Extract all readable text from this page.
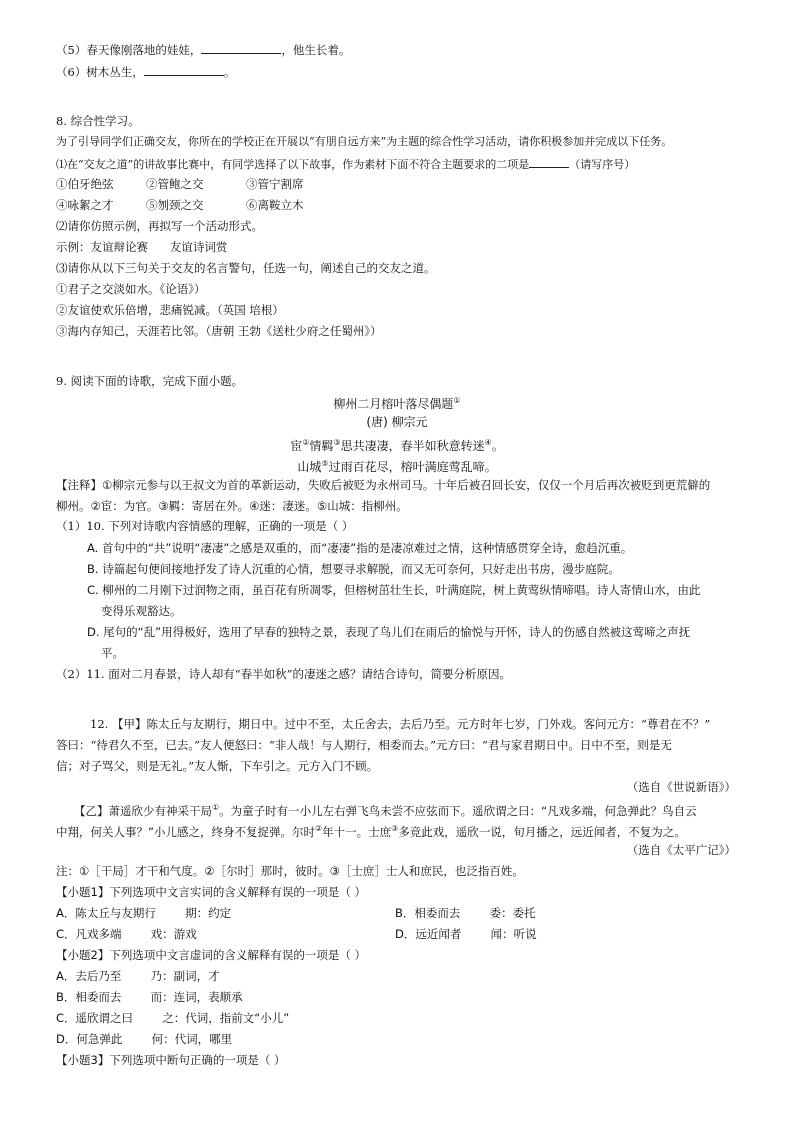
（5）春天像刚落地的娃娃，	，他生长着。
（6）树木丛生，	。
8. 综合性学习。
为了引导同学们正确交友，你所在的学校正在开展以“有朋自远方来”为主题的综合性学习活动，请你积极参加并完成以下任务。
⑴在“交友之道”的讲故事比赛中，有同学选择了以下故事，作为素材下面不符合主题要求的二项是	（请写序号）
①伯牙绝弦	②管鲍之交	③管宁割席
④咏絮之才	⑤刎颈之交	⑥离鞍立木
⑵请你仿照示例，再拟写一个活动形式。
示例：友谊辩论赛      友谊诗词赏
⑶请你从以下三句关于交友的名言警句，任选一句，阐述自己的交友之道。
①君子之交淡如水。《论语》）
②友谊使欢乐倍增，悲痛锐减。（英国 培根）
③海内存知己，天涯若比邻。（唐朝 王勃《送杜少府之任蜀州》）
9. 阅读下面的诗歌，完成下面小题。
柳州二月榕叶落尽偶题①
(唐) 柳宗元
宦②情羁③思共凄凄，春半如秋意转迷④。
山城⑤过雨百花尽，榕叶满庭莺乱啼。
【注释】①柳宗元参与以王叔文为首的革新运动，失败后被贬为永州司马。十年后被召回长安，仅仅一个月后再次被贬到更荒僻的
柳州。②宦：为官。③羁：寄居在外。④迷：凄迷。⑤山城：指柳州。
（1）10. 下列对诗歌内容情感的理解，正确的一项是（ ）
A. 首句中的“共”说明“凄凄”之感是双重的，而“凄凄”指的是凄凉难过之情，这种情感贯穿全诗，愈趋沉重。
B. 诗篇起句便间接地抒发了诗人沉重的心情，想要寻求解脱，而又无可奈何，只好走出书房，漫步庭院。
C. 柳州的二月刚下过润物之雨，虽百花有所凋零，但榕树茁壮生长，叶满庭院，树上黄莺纵情啼唱。诗人寄情山水，由此
变得乐观豁达。
D. 尾句的“乱”用得极好，选用了早春的独特之景，表现了鸟儿们在雨后的愉悦与开怀，诗人的伤感自然被这莺啼之声抚
平。
（2）11. 面对二月春景，诗人却有“春半如秋”的凄迷之感？请结合诗句，简要分析原因。
12. 【甲】陈太丘与友期行，期日中。过中不至，太丘舍去，去后乃至。元方时年七岁，门外戏。客问元方：“尊君在不？”
答曰：“待君久不至，已去。”友人便怒曰：“非人哉！与人期行，相委而去。”元方曰：“君与家君期日中。日中不至，则是无
信；对子骂父，则是无礼。”友人惭，下车引之。元方入门不顾。
（选自《世说新语》）
【乙】萧遥欣少有神采干局①。为童子时有一小儿左右弹飞鸟未尝不应弦而下。遥欣谓之曰：“凡戏多端，何急弹此？鸟自云
中翔，何关人事？”小儿感之，终身不复捉弹。尔时②年十一。士庶③多竞此戏，遥欣一说，旬月播之，远近闻者，不复为之。
（选自《太平广记》）
注：①［干局］才干和气度。②［尔时］那时，彼时。③［士庶］士人和庶民，也泛指百姓。
【小题1】下列选项中文言实词的含义解释有误的一项是（ ）
A．陈太丘与友期行        期：约定	B．相委而去        委：委托
C．凡戏多端        戏：游戏	D．远近闻者        闻：听说
【小题2】下列选项中文言虚词的含义解释有误的一项是（ ）
A．去后乃至        乃：副词，才
B．相委而去        而：连词，表顺承
C．遥欣谓之曰        之：代词，指前文“小儿”
D．何急弹此        何：代词，哪里
【小题3】下列选项中断句正确的一项是（ ）
